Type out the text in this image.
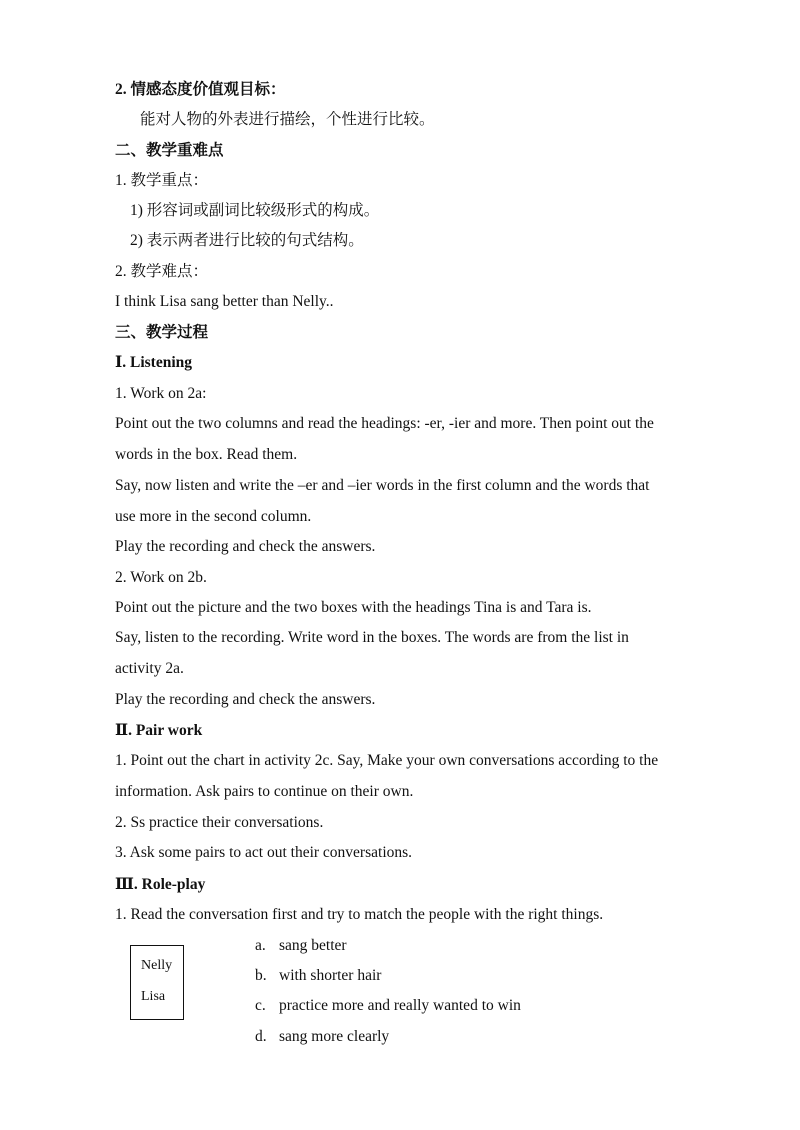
2. 情感态度价值观目标：
能对人物的外表进行描绘，个性进行比较。
二、教学重难点
1. 教学重点：
1) 形容词或副词比较级形式的构成。
2) 表示两者进行比较的句式结构。
2. 教学难点：
I think Lisa sang better than Nelly..
三、教学过程
Ⅰ. Listening
1. Work on 2a:
Point out the two columns and read the headings: -er, -ier and more. Then point out the
words in the box. Read them.
Say, now listen and write the –er and –ier words in the first column and the words that
use more in the second column.
Play the recording and check the answers.
2. Work on 2b.
Point out the picture and the two boxes with the headings Tina is and Tara is.
Say, listen to the recording. Write word in the boxes. The words are from the list in
activity 2a.
Play the recording and check the answers.
Ⅱ. Pair work
1. Point out the chart in activity 2c. Say, Make your own conversations according to the
information. Ask pairs to continue on their own.
2. Ss practice their conversations.
3. Ask some pairs to act out their conversations.
Ⅲ. Role-play
1. Read the conversation first and try to match the people with the right things.
Nelly
Lisa
a. sang better
b. with shorter hair
c. practice more and really wanted to win
d. sang more clearly
